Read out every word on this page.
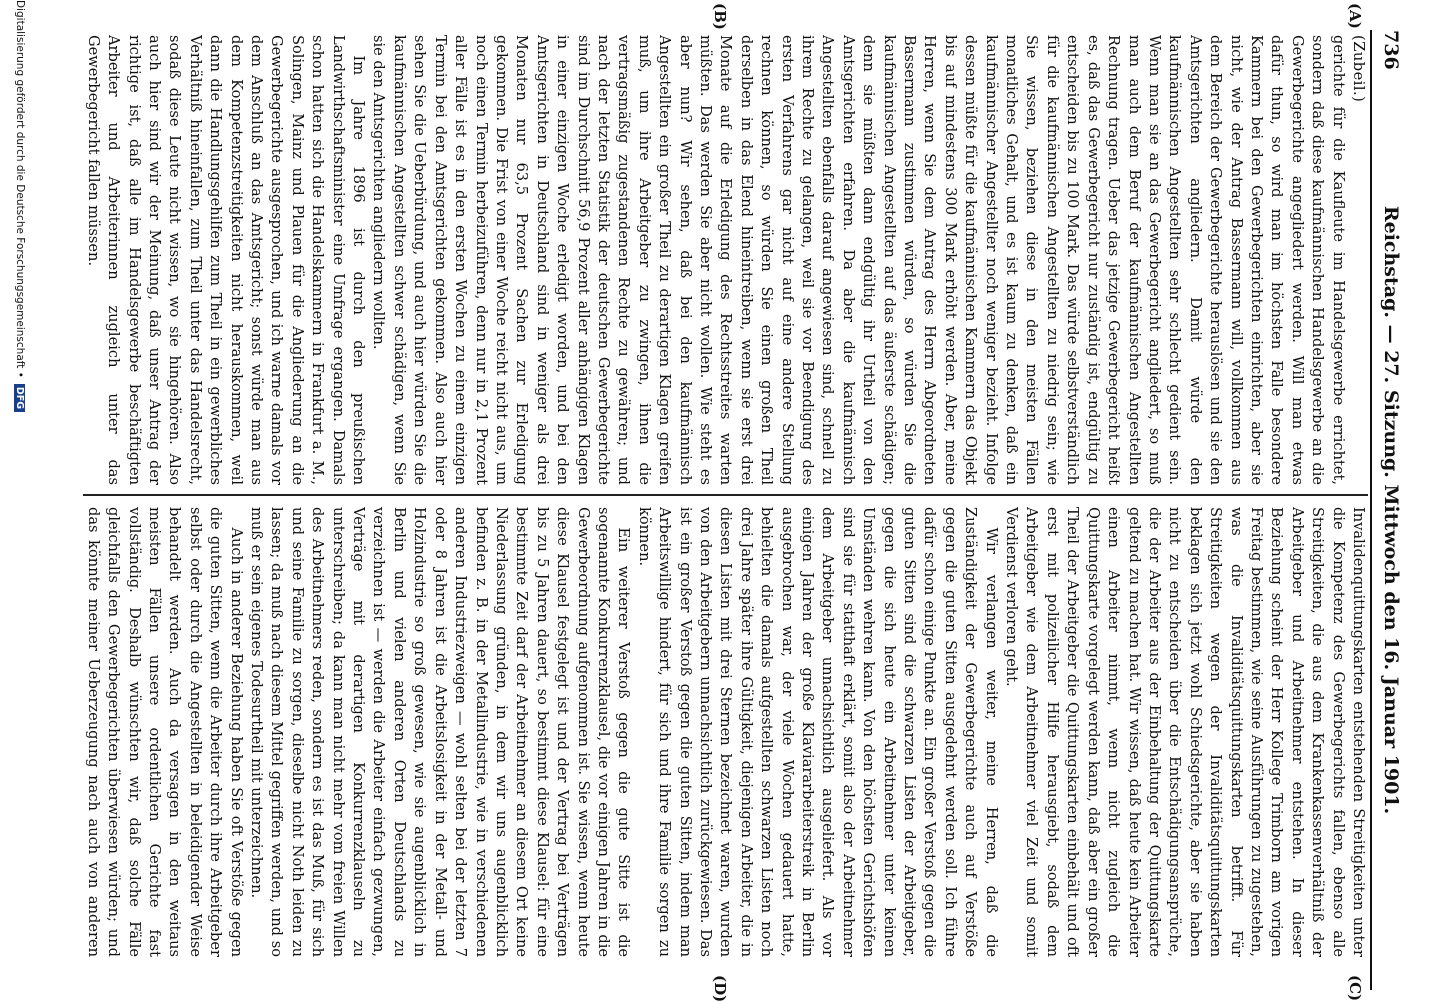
736
Reichstag. — 27. Sitzung. Mittwoch den 16. Januar 1901.
(A)
(B)
(C)
(D)

(Zubeil.)

gerichte für die Kaufleute im Handelsgewerbe errichtet, sondern daß diese kaufmännischen Handelsgewerbe an die Gewerbegerichte angegliedert werden. Will man etwas dafür thun, so wird man im höchsten Falle besondere Kammern bei den Gewerbegerichten einrichten, aber sie nicht, wie der Antrag Bassermann will, vollkommen aus dem Bereich der Gewerbegerichte herauslösen und sie den Amtsgerichten angliedern. Damit würde den kaufmännischen Angestellten sehr schlecht gedient sein. Wenn man sie an das Gewerbegericht angliedert, so muß man auch dem Beruf der kaufmännischen Angestellten Rechnung tragen. Ueber das jetzige Gewerbegericht heißt es, daß das Gewerbegericht nur zuständig ist, endgültig zu entscheiden bis zu 100 Mark. Das würde selbstverständlich für die kaufmännischen Angestellten zu niedrig sein; wie Sie wissen, beziehen diese in den meisten Fällen monatliches Gehalt, und es ist kaum zu denken, daß ein kaufmännischer Angestellter noch weniger bezieht. Infolge dessen müßte für die kaufmännischen Kammern das Objekt bis auf mindestens 300 Mark erhöht werden. Aber, meine Herren, wenn Sie dem Antrag des Herrn Abgeordneten Bassermann zustimmen würden, so würden Sie die kaufmännischen Angestellten auf das äußerste schädigen; denn sie müßten dann endgültig ihr Urtheil von den Amtsgerichten erfahren. Da aber die kaufmännisch Angestellten ebenfalls darauf angewiesen sind, schnell zu ihrem Rechte zu gelangen, weil sie vor Beendigung des ersten Verfahrens gar nicht auf eine andere Stellung rechnen können, so würden Sie einen großen Theil derselben in das Elend hineintreiben, wenn sie erst drei Monate auf die Erledigung des Rechtsstreites warten müßten. Das werden Sie aber nicht wollen. Wie steht es aber nun? Wir sehen, daß bei den kaufmännisch Angestellten ein großer Theil zu derartigen Klagen greifen muß, um ihre Arbeitgeber zu zwingen, ihnen die vertragsmäßig zugestandenen Rechte zu gewähren; und nach der letzten Statistik der deutschen Gewerbegerichte sind im Durchschnitt 56,9 Prozent aller anhängigen Klagen in einer einzigen Woche erledigt worden, und bei den Amtsgerichten in Deutschland sind in weniger als drei Monaten nur 63,5 Prozent Sachen zur Erledigung gekommen. Die Frist von einer Woche reicht nicht aus, um noch einen Termin herbeizuführen, denn nur in 2,1 Prozent aller Fälle ist es in den ersten Wochen zu einem einzigen Termin bei den Amtsgerichten gekommen. Also auch hier sehen Sie die Ueberbürdung, und auch hier würden Sie die kaufmännischen Angestellten schwer schädigen, wenn Sie sie den Amtsgerichten angliedern wollten.

Im Jahre 1896 ist durch den preußischen Landwirthschaftsminister eine Umfrage ergangen. Damals schon hatten sich die Handelskammern in Frankfurt a. M., Solingen, Mainz und Plauen für die Angliederung an die Gewerbegerichte ausgesprochen, und ich warne damals vor dem Anschluß an das Amtsgericht; sonst würde man aus dem Kompetenzstreitigkeiten nicht herauskommen, weil dann die Handlungsgehilfen zum Theil in ein gewerbliches Verhältniß hineinfallen, zum Theil unter das Handelsrecht, sodaß diese Leute nicht wissen, wo sie hingehören. Also auch hier sind wir der Meinung, daß unser Antrag der richtige ist, daß alle im Handelsgewerbe beschäftigten Arbeiter und Arbeiterinnen zugleich unter das Gewerbegericht fallen müssen.

Invalidenquittungskarten entstehenden Streitigkeiten unter die Kompetenz des Gewerbegerichts fallen, ebenso alle Streitigkeiten, die aus dem Krankenkassenverhältniß der Arbeitgeber und Arbeitnehmer entstehen. In dieser Beziehung scheint der Herr Kollege Trimborn am vorigen Freitag bestimmen, wie seine Ausführungen zu zugestehen, was die Invaliditätsquittungskarten betrifft. Für Streitigkeiten wegen der Invaliditätsquittungskarten beklagen sich jetzt wohl Schiedsgerichte, aber sie haben nicht zu entscheiden über die Entschädigungsansprüche, die der Arbeiter aus der Einbehaltung der Quittungskarte geltend zu machen hat. Wir wissen, daß heute kein Arbeiter einen Arbeiter nimmt, wenn nicht zugleich die Quittungskarte vorgelegt werden kann, daß aber ein großer Theil der Arbeitgeber die Quittungskarten einbehält und oft erst mit polizeilicher Hilfe herausgiebt, sodaß dem Arbeitgeber wie dem Arbeitnehmer viel Zeit und somit Verdienst verloren geht.

Wir verlangen weiter, meine Herren, daß die Zuständigkeit der Gewerbegerichte auch auf Verstöße gegen die guten Sitten ausgedehnt werden soll. Ich führe dafür schon einige Punkte an. Ein großer Verstoß gegen die guten Sitten sind die schwarzen Listen der Arbeitgeber, gegen die sich heute ein Arbeitnehmer unter keinen Umständen wehren kann. Von den höchsten Gerichtshöfen sind sie für statthaft erklärt, somit also der Arbeitnehmer dem Arbeitgeber unnachsichtlich ausgeliefert. Als vor einigen Jahren der große Klaviararbeiterstreik in Berlin ausgebrochen war, der viele Wochen gedauert hatte, behielten die damals aufgestellten schwarzen Listen noch drei Jahre später ihre Gültigkeit, diejenigen Arbeiter, die in diesen Listen mit drei Sternen bezeichnet waren, wurden von den Arbeitgebern unnachsichtlich zurückgewiesen. Das ist ein großer Verstoß gegen die guten Sitten, indem man Arbeitswillige hindert, für sich und ihre Familie sorgen zu können.

Ein weiterer Verstoß gegen die gute Sitte ist die sogenannte Konkurrenzklausel, die vor einigen Jahren in die Gewerbeordnung aufgenommen ist. Sie wissen, wenn heute diese Klausel festgelegt ist und der Vertrag bei Verträgen bis zu 5 Jahren dauert, so bestimmt diese Klausel: für eine bestimmte Zeit darf der Arbeitnehmer an diesem Ort keine Niederlassung gründen, in dem wir uns augenblicklich befinden z. B. in der Metallindustrie, wie in verschiedenen anderen Industriezweigen — wohl selten bei der letzten 7 oder 8 Jahren ist die Arbeitslosigkeit in der Metall- und Holzindustrie so groß gewesen, wie sie augenblicklich in Berlin und vielen anderen Orten Deutschlands zu verzeichnen ist — werden die Arbeiter einfach gezwungen, Verträge mit derartigen Konkurrenzklauseln zu unterschreiben; da kann man nicht mehr vom freien Willen des Arbeitnehmers reden, sondern es ist das Muß, für sich und seine Familie zu sorgen, dieselbe nicht Noth leiden zu lassen; da muß nach diesem Mittel gegriffen werden, und so muß er sein eigenes Todesurtheil mit unterzeichnen.

Auch in anderer Beziehung haben Sie oft Verstöße gegen die guten Sitten, wenn die Arbeiter durch ihre Arbeitgeber selbst oder durch die Angestellten in beleidigender Weise behandelt werden. Auch da versagen in den weitaus meisten Fällen unsere ordentlichen Gerichte fast vollständig. Deshalb wünschten wir, daß solche Fälle gleichfalls den Gewerbegerichten überwiesen würden; und das könnte meiner Ueberzeugung nach auch von anderen

Digitalisierung gefördert durch die Deutsche Forschungsgemeinschaft •DFG
